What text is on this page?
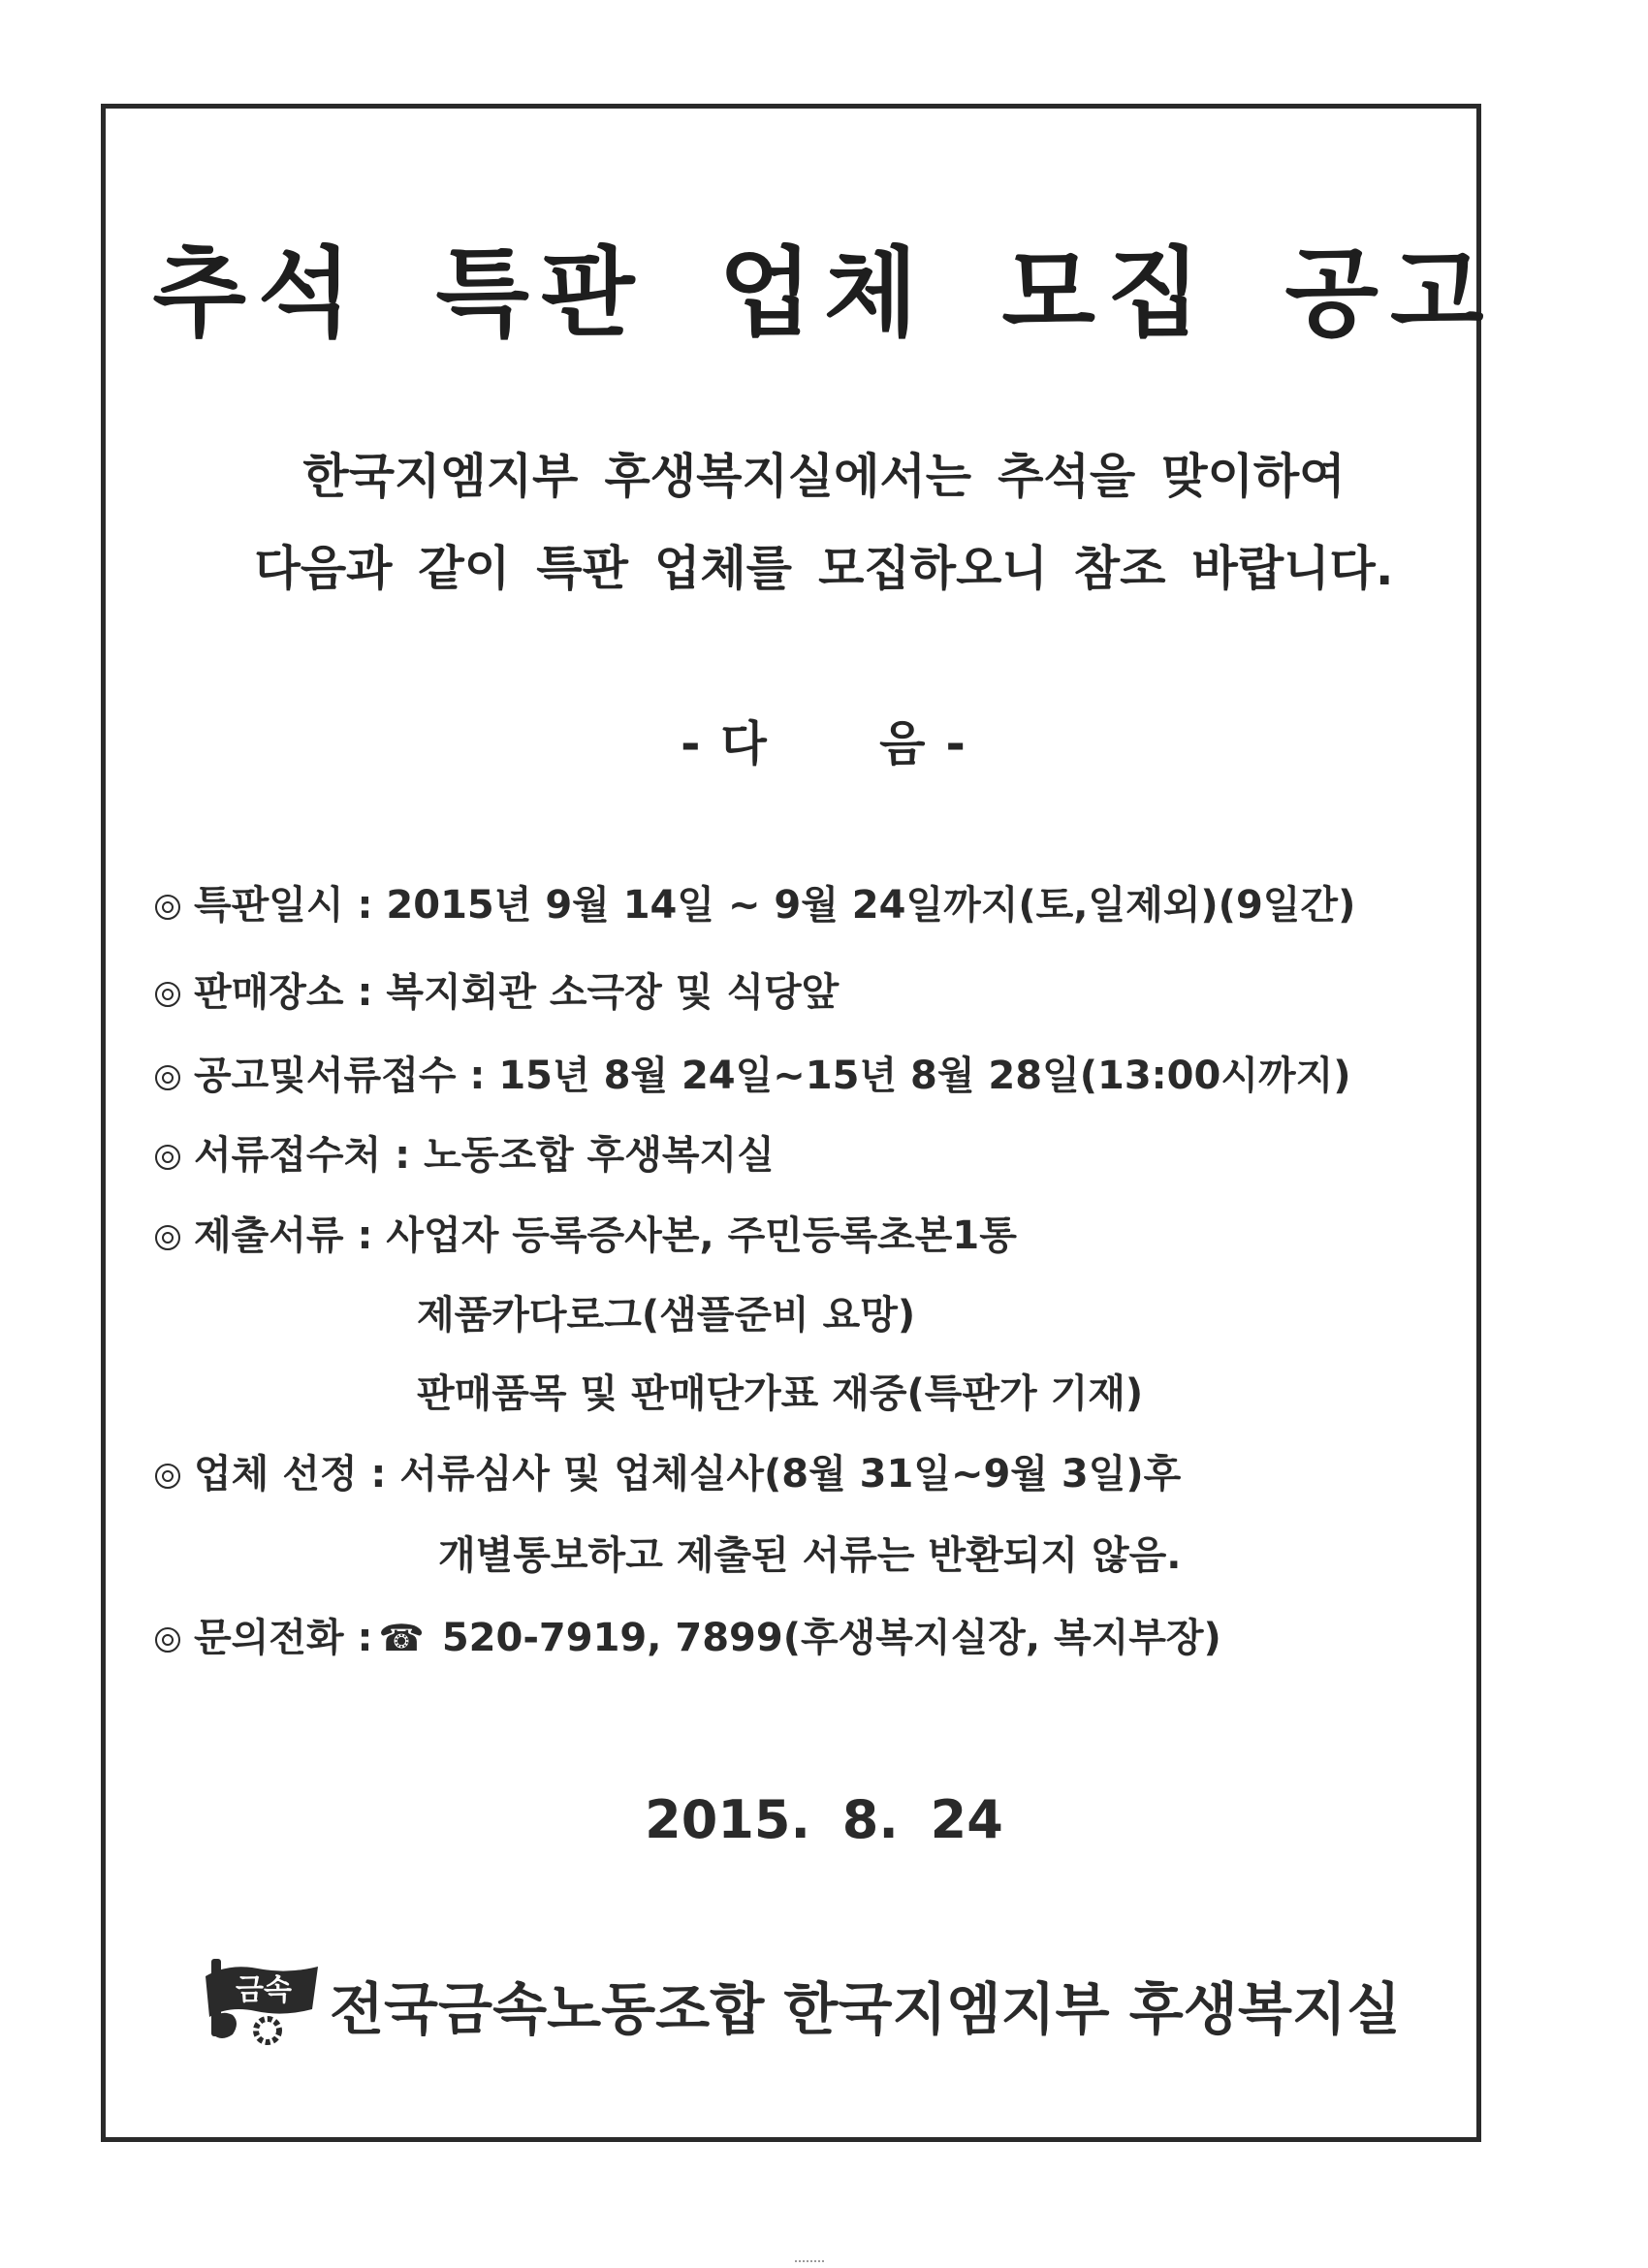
추석 특판 업체 모집 공고
한국지엠지부 후생복지실에서는 추석을 맞이하여
다음과 같이 특판 업체를 모집하오니 참조 바랍니다.
- 다      음 -
특판일시 : 2015년 9월 14일 ~ 9월 24일까지(토,일제외)(9일간)
판매장소 : 복지회관 소극장 및 식당앞
공고및서류접수 : 15년 8월 24일~15년 8월 28일(13:00시까지)
서류접수처 : 노동조합 후생복지실
제출서류 : 사업자 등록증사본, 주민등록초본1통
제품카다로그(샘플준비 요망)
판매품목 및 판매단가표 재중(특판가 기재)
업체 선정 : 서류심사 및 업체실사(8월 31일~9월 3일)후
개별통보하고 제출된 서류는 반환되지 않음.
문의전화 : ☎ 520-7919, 7899(후생복지실장, 복지부장)
2015. 8. 24
금속 전국금속노동조합 한국지엠지부 후생복지실
